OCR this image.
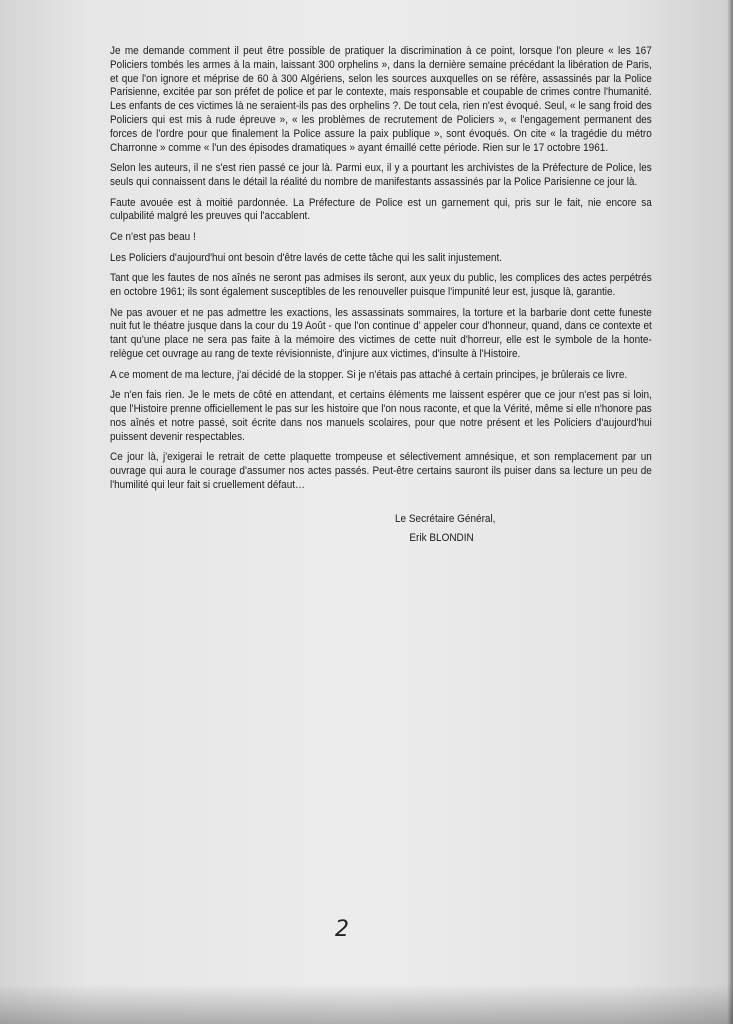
Je me demande comment il peut être possible de pratiquer la discrimination à ce point, lorsque l'on pleure « les 167 Policiers tombés les armes à la main, laissant 300 orphelins », dans la dernière semaine précédant la libération de Paris, et que l'on ignore et méprise de 60 à 300 Algériens, selon les sources auxquelles on se réfère, assassinés par la Police Parisienne, excitée par son préfet de police et par le contexte, mais responsable et coupable de crimes contre l'humanité. Les enfants de ces victimes là ne seraient-ils pas des orphelins ?. De tout cela, rien n'est évoqué. Seul, « le sang froid des Policiers qui est mis à rude épreuve », « les problèmes de recrutement de Policiers », « l'engagement permanent des forces de l'ordre pour que finalement la Police assure la paix publique », sont évoqués. On cite « la tragédie du métro Charronne » comme « l'un des épisodes dramatiques » ayant émaillé cette période. Rien sur le 17 octobre 1961.

Selon les auteurs, il ne s'est rien passé ce jour là. Parmi eux, il y a pourtant les archivistes de la Préfecture de Police, les seuls qui connaissent dans le détail la réalité du nombre de manifestants assassinés par la Police Parisienne ce jour là.

Faute avouée est à moitié pardonnée. La Préfecture de Police est un garnement qui, pris sur le fait, nie encore sa culpabilité malgré les preuves qui l'accablent.

Ce n'est pas beau !

Les Policiers d'aujourd'hui ont besoin d'être lavés de cette tâche qui les salit injustement.

Tant que les fautes de nos aînés ne seront pas admises ils seront, aux yeux du public, les complices des actes perpétrés en octobre 1961; ils sont également susceptibles de les renouveller puisque l'impunité leur est, jusque là, garantie.

Ne pas avouer et ne pas admettre les exactions, les assassinats sommaires, la torture et la barbarie dont cette funeste nuit fut le théatre jusque dans la cour du 19 Août - que l'on continue d' appeler cour d'honneur, quand, dans ce contexte et tant qu'une place ne sera pas faite à la mémoire des victimes de cette nuit d'horreur, elle est le symbole de la honte- relègue cet ouvrage au rang de texte révisionniste, d'injure aux victimes, d'insulte à l'Histoire.

A ce moment de ma lecture, j'ai décidé de la stopper. Si je n'étais pas attaché à certain principes, je brûlerais ce livre.

Je n'en fais rien. Je le mets de côté en attendant, et certains éléments me laissent espérer que ce jour n'est pas si loin, que l'Histoire prenne officiellement le pas sur les histoire que l'on nous raconte, et que la Vérité, même si elle n'honore pas nos aînés et notre passé, soit écrite dans nos manuels scolaires, pour que notre présent et les Policiers d'aujourd'hui puissent devenir respectables.

Ce jour là, j'exigerai le retrait de cette plaquette trompeuse et sélectivement amnésique, et son remplacement par un ouvrage qui aura le courage d'assumer nos actes passés. Peut-être certains sauront ils puiser dans sa lecture un peu de l'humilité qui leur fait si cruellement défaut…

Le Secrétaire Général,
Erik BLONDIN
2
